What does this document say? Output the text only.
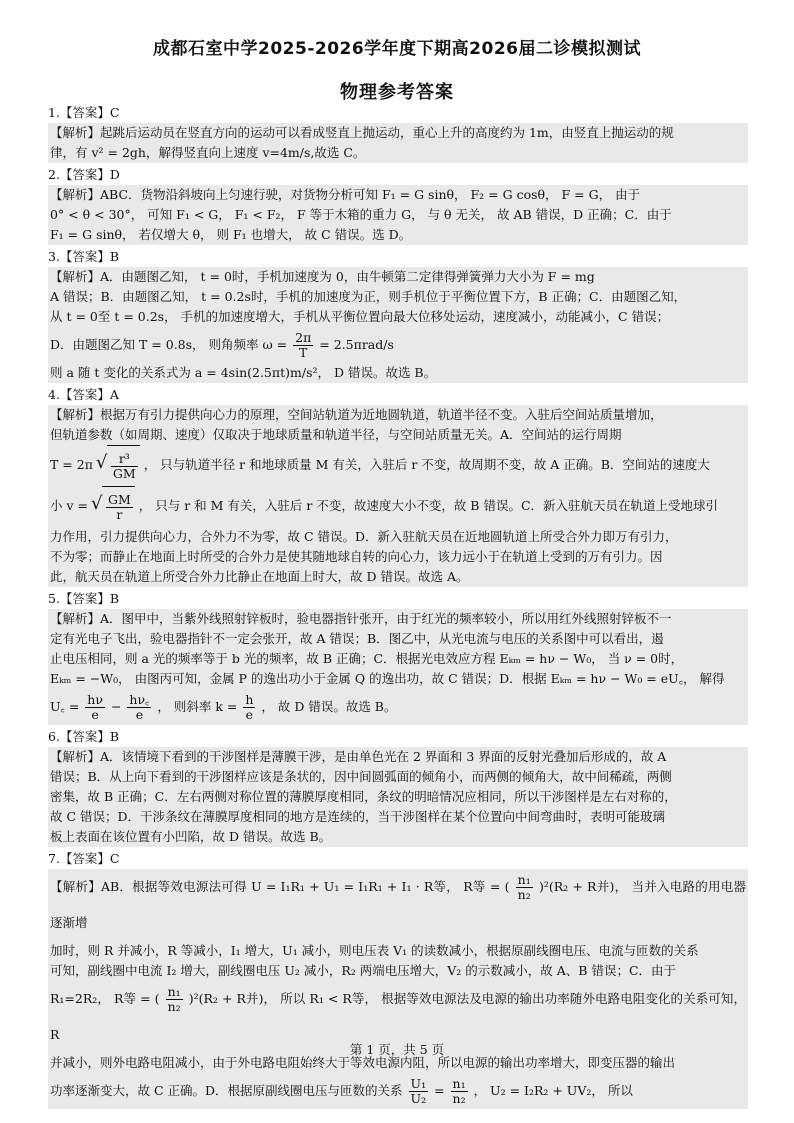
成都石室中学2025-2026学年度下期高2026届二诊模拟测试
物理参考答案
1.【答案】C

【解析】起跳后运动员在竖直方向的运动可以看成竖直上抛运动，重心上升的高度约为 1m，由竖直上抛运动的规

律，有 v² = 2gh，解得竖直向上速度 v=4m/s,故选 C。

2.【答案】D

【解析】ABC．货物沿斜坡向上匀速行驶，对货物分析可知 F₁ = G sinθ， F₂ = G cosθ， F = G， 由于

0° < θ < 30°， 可知 F₁ < G， F₁ < F₂， F 等于木箱的重力 G， 与 θ 无关， 故 AB 错误，D 正确；C．由于

F₁ = G sinθ， 若仅增大 θ， 则 F₁ 也增大， 故 C 错误。选 D。

3.【答案】B

【解析】A．由题图乙知， t = 0时，手机加速度为 0，由牛顿第二定律得弹簧弹力大小为 F = mg

A 错误；B．由题图乙知， t = 0.2s时，手机的加速度为正，则手机位于平衡位置下方，B 正确；C．由题图乙知，

从 t = 0至 t = 0.2s， 手机的加速度增大，手机从平衡位置向最大位移处运动，速度减小，动能减小，C 错误；

D．由题图乙知 T = 0.8s， 则角频率 $\omega = \frac{2\pi}{T} = 2.5\pi rad/s$

则 a 随 t 变化的关系式为 a = 4sin(2.5πt)m/s²， D 错误。故选 B。

4.【答案】A

【解析】根据万有引力提供向心力的原理，空间站轨道为近地圆轨道，轨道半径不变。入驻后空间站质量增加，

但轨道参数（如周期、速度）仅取决于地球质量和轨道半径，与空间站质量无关。A．空间站的运行周期

T = 2π √ $\frac{\text{r³}}{GM}$ ， 只与轨道半径 r 和地球质量 M 有关，入驻后 r 不变，故周期不变，故 A 正确。B．空间站的速度大

小 v = √ $\frac{GM}{r}$ ， 只与 r 和 M 有关，入驻后 r 不变，故速度大小不变，故 B 错误。C．新入驻航天员在轨道上受地球引

力作用，引力提供向心力，合外力不为零，故 C 错误。D．新入驻航天员在近地圆轨道上所受合外力即万有引力，

不为零；而静止在地面上时所受的合外力是使其随地球自转的向心力，该力远小于在轨道上受到的万有引力。因

此，航天员在轨道上所受合外力比静止在地面上时大，故 D 错误。故选 A。

5.【答案】B

【解析】A．图甲中，当紫外线照射锌板时，验电器指针张开，由于红光的频率较小，所以用红外线照射锌板不一

定有光电子飞出，验电器指针不一定会张开，故 A 错误；B．图乙中，从光电流与电压的关系图中可以看出，遏

止电压相同，则 a 光的频率等于 b 光的频率，故 B 正确；C．根据光电效应方程 Eₖₘ = hν − W₀， 当 ν = 0时，

Eₖₘ = −W₀， 由图丙可知，金属 P 的逸出功小于金属 Q 的逸出功，故 C 错误；D．根据 Eₖₘ = hν − W₀ = eU꜀， 解得

U꜀ = $\frac{h\nu}{e} - \frac{h\nu꜀}{e}$ ， 则斜率 $k = \frac{h}{e}$ ， 故 D 错误。故选 B。

6.【答案】B

【解析】A．该情境下看到的干涉图样是薄膜干涉，是由单色光在 2 界面和 3 界面的反射光叠加后形成的，故 A

错误；B．从上向下看到的干涉图样应该是条状的，因中间圆弧面的倾角小，而两侧的倾角大，故中间稀疏，两侧

密集，故 B 正确；C．左右两侧对称位置的薄膜厚度相同，条纹的明暗情况应相同，所以干涉图样是左右对称的，

故 C 错误；D．干涉条纹在薄膜厚度相同的地方是连续的，当干涉图样在某个位置向中间弯曲时，表明可能玻璃

板上表面在该位置有小凹陷，故 D 错误。故选 B。

7.【答案】C

【解析】AB．根据等效电源法可得 U = I₁R₁ + U₁ = I₁R₁ + I₁ · R等， R等 = ( $\frac{\text{n₁}}{\text{n₂}} )^2(R_2 + R$并)， 当并入电路的用电器逐渐增

加时，则 R 并减小，R 等减小，I₁ 增大，U₁ 减小，则电压表 V₁ 的读数减小，根据原副线圈电压、电流与匝数的关系

可知，副线圈中电流 I₂ 增大，副线圈电压 U₂ 减小，R₂ 两端电压增大，V₂ 的示数减小，故 A、B 错误；C．由于

R₁=2R₂， R等 = ( $\frac{\text{n₁}}{\text{n₂}} )^2(R_2 + R$并)， 所以 R₁ < R等， 根据等效电源法及电源的输出功率随外电路电阻变化的关系可知，R

并减小，则外电路电阻减小，由于外电路电阻始终大于等效电源内阻，所以电源的输出功率增大，即变压器的输出

功率逐渐变大，故 C 正确。D．根据原副线圈电压与匝数的关系 $\frac{\text{U₁}}{\text{U₂}} = \frac{\text{n₁}}{\text{n₂}}$ ， U₂ = I₂R₂ + UV₂， 所以

第 1 页，共 5 页
